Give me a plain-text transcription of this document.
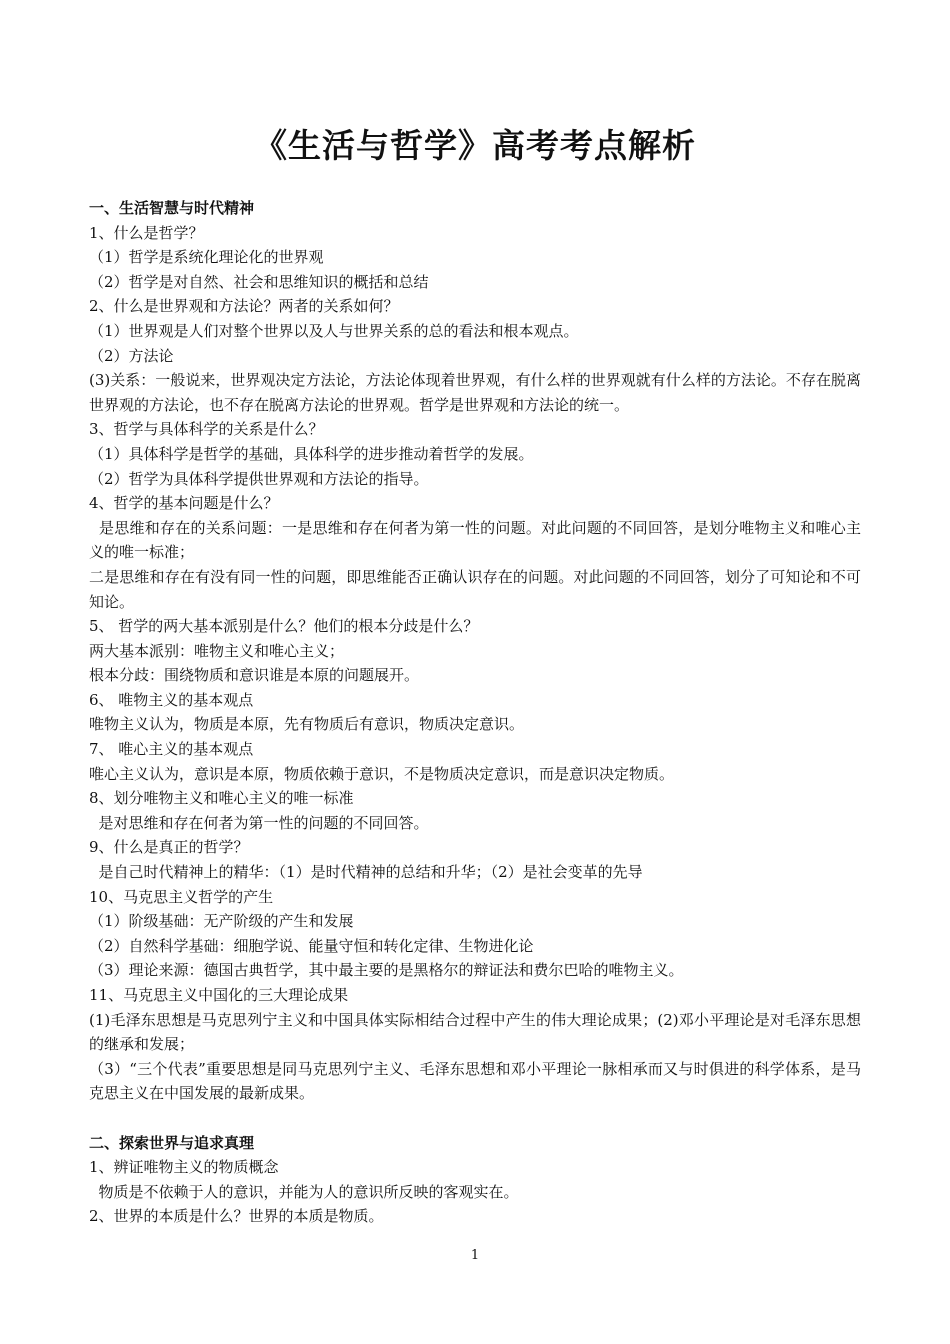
《生活与哲学》高考考点解析

一、生活智慧与时代精神

1、什么是哲学？

（1）哲学是系统化理论化的世界观

（2）哲学是对自然、社会和思维知识的概括和总结

2、什么是世界观和方法论？两者的关系如何？

（1）世界观是人们对整个世界以及人与世界关系的总的看法和根本观点。

（2）方法论

(3)关系：一般说来，世界观决定方法论，方法论体现着世界观，有什么样的世界观就有什么样的方法论。不存在脱离世界观的方法论，也不存在脱离方法论的世界观。哲学是世界观和方法论的统一。

3、哲学与具体科学的关系是什么？

（1）具体科学是哲学的基础，具体科学的进步推动着哲学的发展。

（2）哲学为具体科学提供世界观和方法论的指导。

4、哲学的基本问题是什么？

是思维和存在的关系问题：一是思维和存在何者为第一性的问题。对此问题的不同回答，是划分唯物主义和唯心主义的唯一标准；

二是思维和存在有没有同一性的问题，即思维能否正确认识存在的问题。对此问题的不同回答，划分了可知论和不可知论。

5、 哲学的两大基本派别是什么？他们的根本分歧是什么？

两大基本派别：唯物主义和唯心主义；

根本分歧：围绕物质和意识谁是本原的问题展开。

6、 唯物主义的基本观点

唯物主义认为，物质是本原，先有物质后有意识，物质决定意识。

7、 唯心主义的基本观点

唯心主义认为，意识是本原，物质依赖于意识，不是物质决定意识，而是意识决定物质。

8、划分唯物主义和唯心主义的唯一标准

是对思维和存在何者为第一性的问题的不同回答。

9、什么是真正的哲学？

是自己时代精神上的精华：（1）是时代精神的总结和升华；（2）是社会变革的先导

10、马克思主义哲学的产生

（1）阶级基础：无产阶级的产生和发展

（2）自然科学基础：细胞学说、能量守恒和转化定律、生物进化论

（3）理论来源：德国古典哲学，其中最主要的是黑格尔的辩证法和费尔巴哈的唯物主义。

11、马克思主义中国化的三大理论成果

(1)毛泽东思想是马克思列宁主义和中国具体实际相结合过程中产生的伟大理论成果；(2)邓小平理论是对毛泽东思想的继承和发展；

（3）“三个代表”重要思想是同马克思列宁主义、毛泽东思想和邓小平理论一脉相承而又与时俱进的科学体系，是马克思主义在中国发展的最新成果。

二、探索世界与追求真理

1、辨证唯物主义的物质概念

物质是不依赖于人的意识，并能为人的意识所反映的客观实在。

2、世界的本质是什么？世界的本质是物质。

1
